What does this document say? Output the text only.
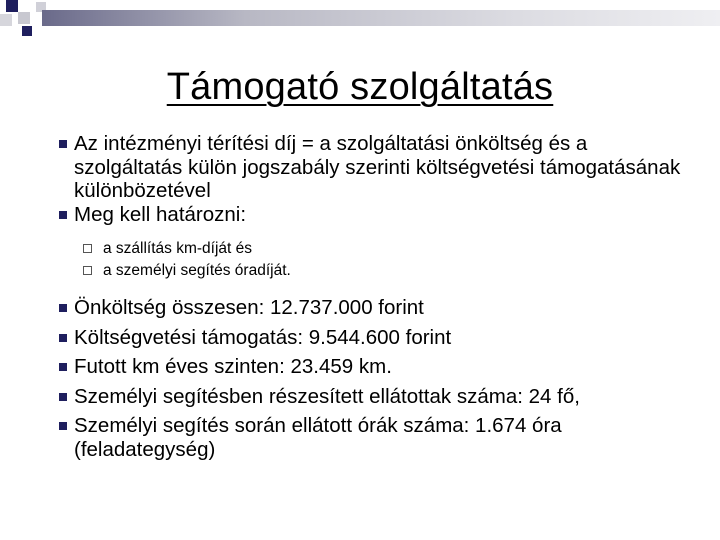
Támogató szolgáltatás
Az intézményi térítési díj = a szolgáltatási önköltség és a szolgáltatás külön jogszabály szerinti költségvetési támogatásának különbözetével
Meg kell határozni:
a szállítás km-díját és
a személyi segítés óradíját.
Önköltség összesen: 12.737.000 forint
Költségvetési támogatás: 9.544.600 forint
Futott km éves szinten: 23.459 km.
Személyi segítésben részesített ellátottak száma: 24 fő,
Személyi segítés során ellátott órák száma: 1.674 óra (feladategység)
